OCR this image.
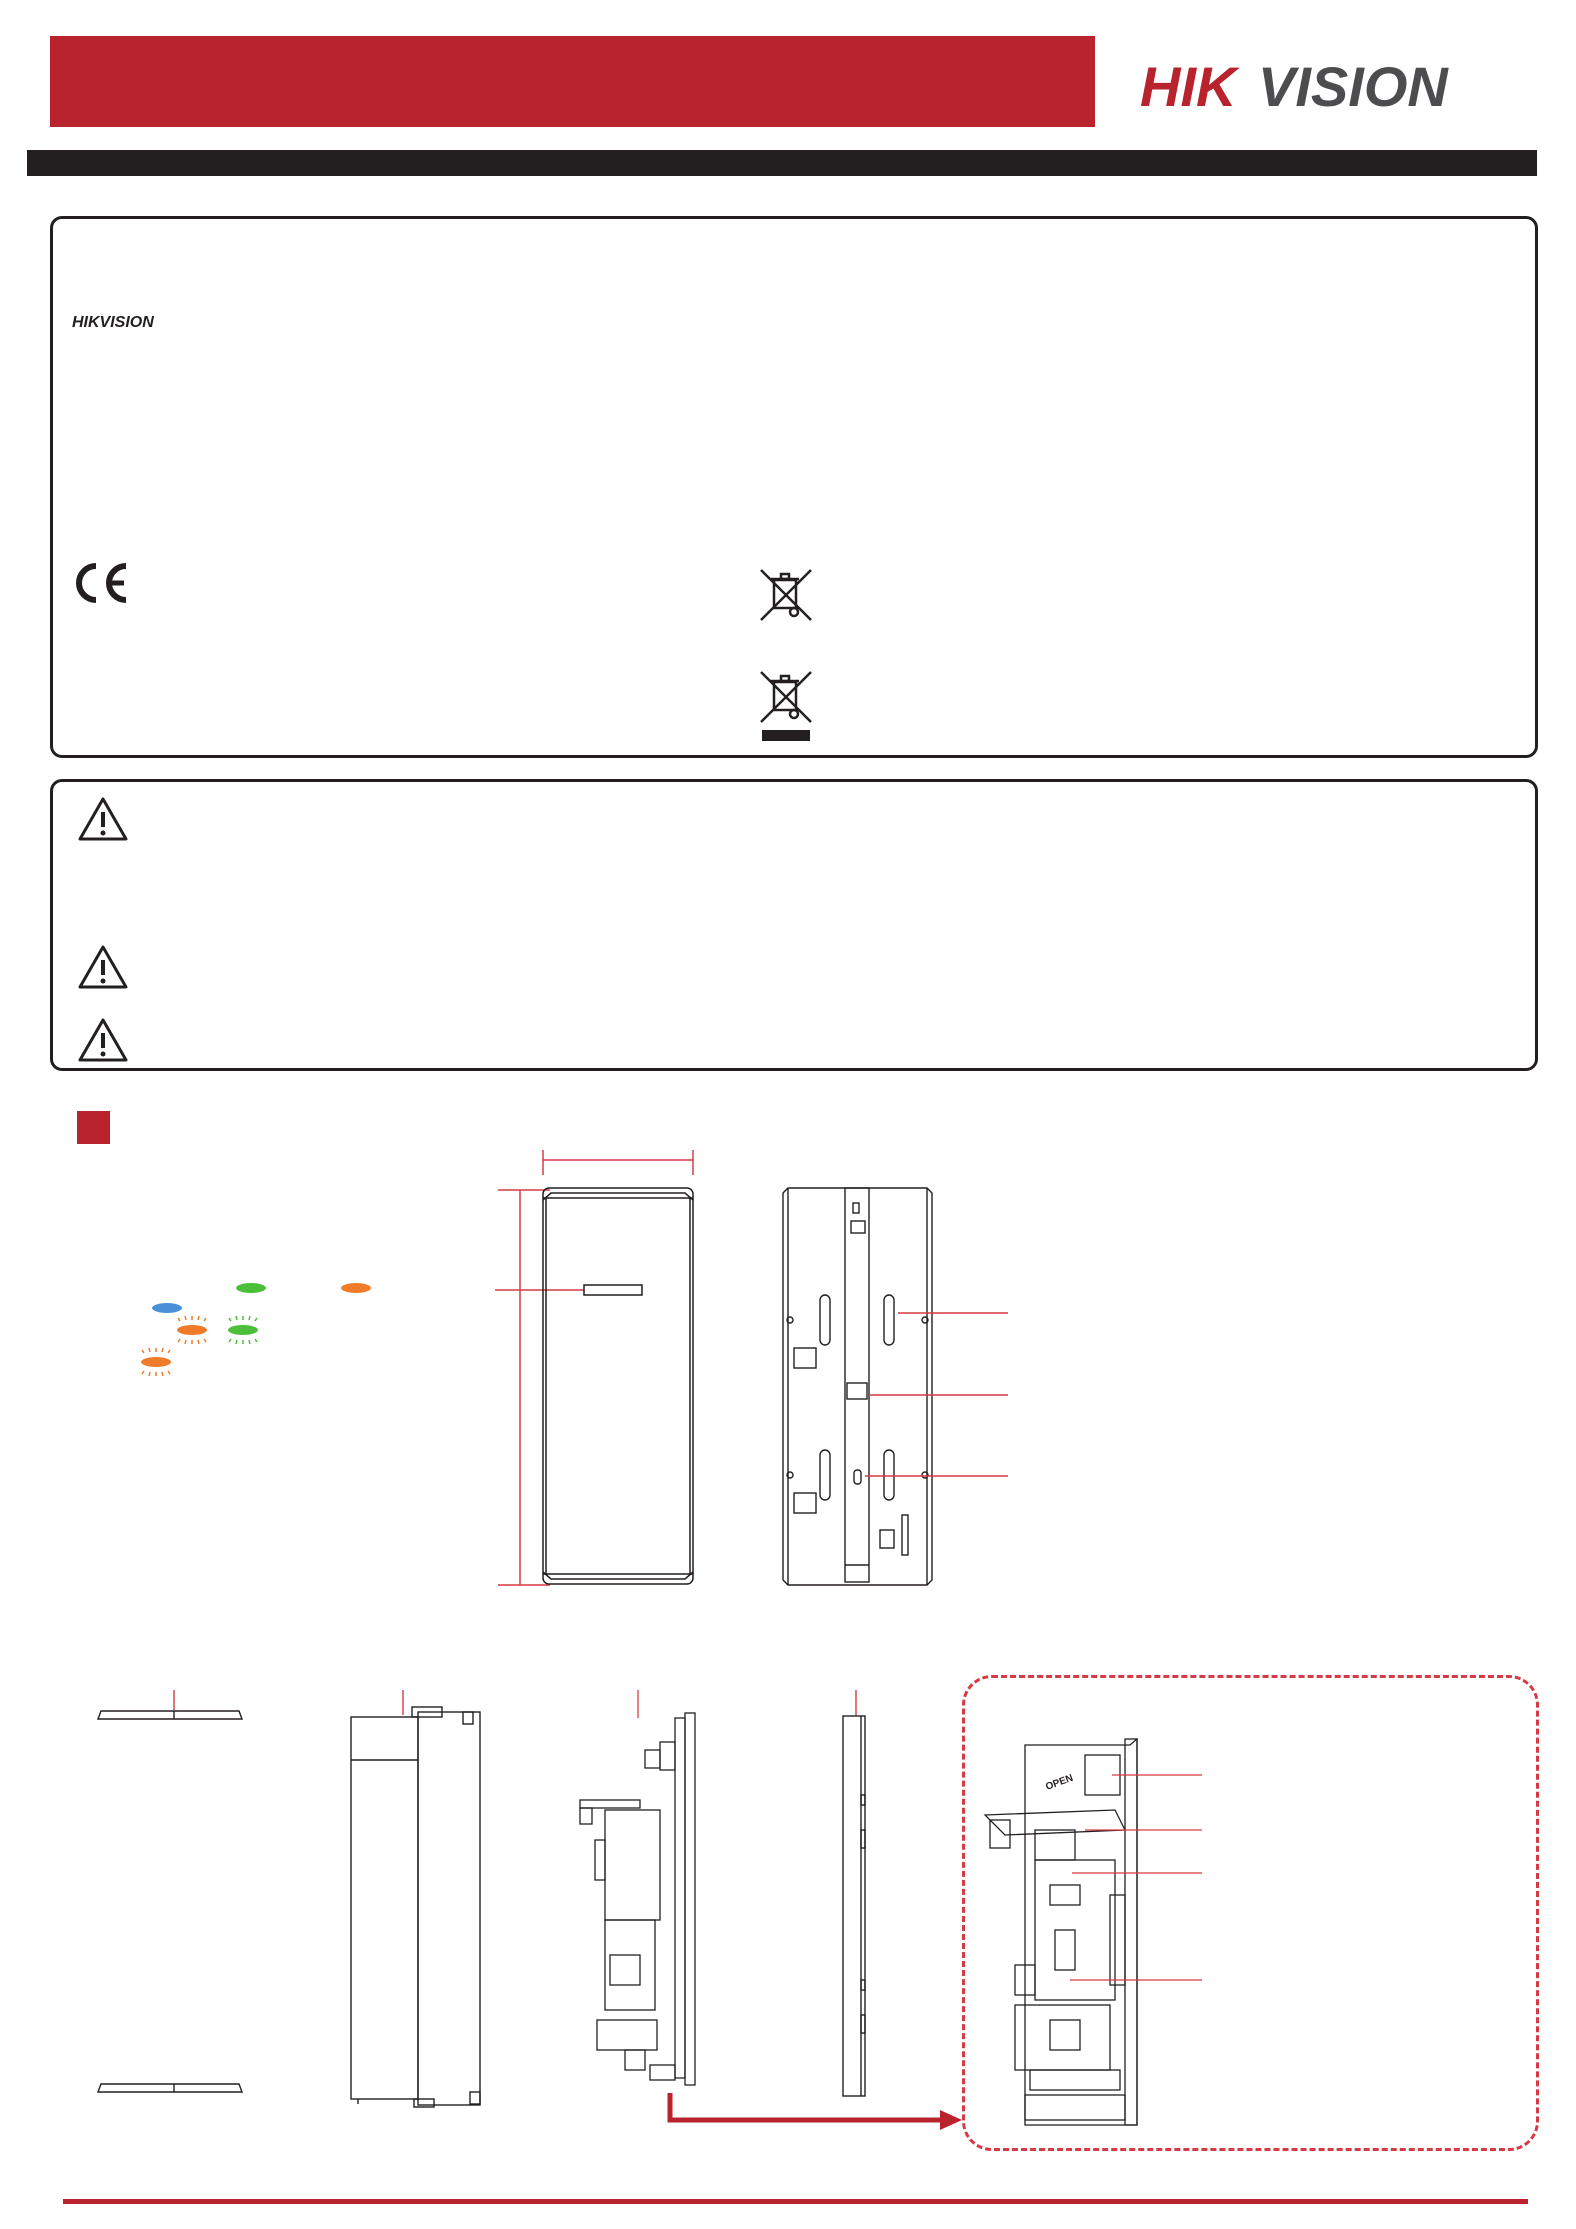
HIK VISION
HIKVISION
OPEN
